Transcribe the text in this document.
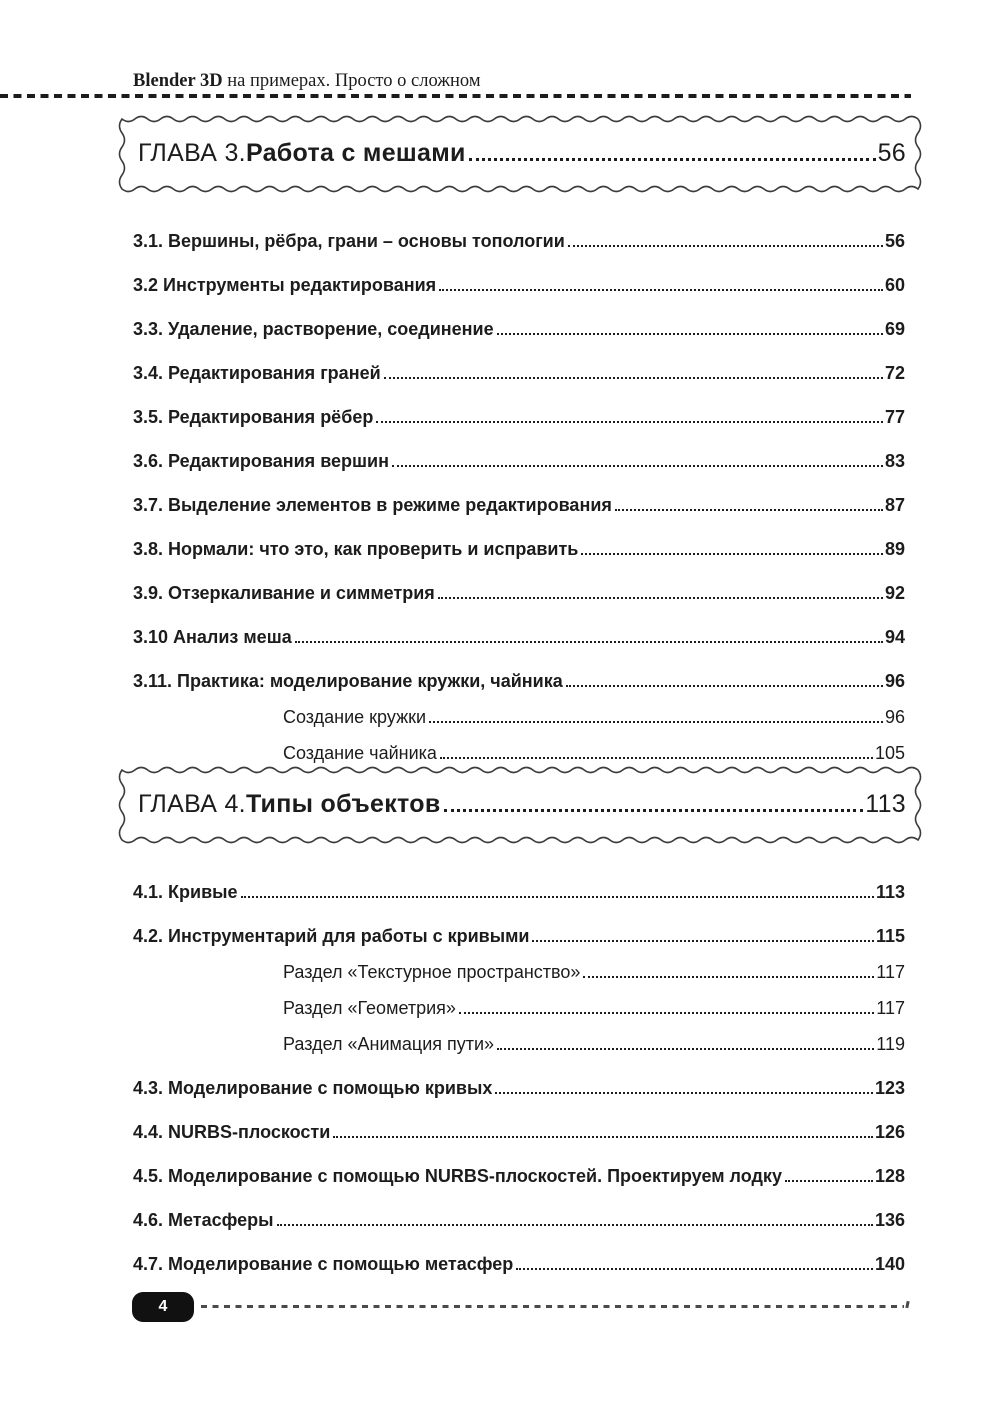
Blender 3D на примерах. Просто о сложном
ГЛАВА 3. Работа с мешами	56
3.1. Вершины, рёбра, грани – основы топологии	56
3.2 Инструменты редактирования	60
3.3. Удаление, растворение, соединение	69
3.4. Редактирования граней	72
3.5. Редактирования рёбер	77
3.6. Редактирования вершин	83
3.7. Выделение элементов в режиме редактирования	87
3.8. Нормали: что это, как проверить и исправить	89
3.9. Отзеркаливание и симметрия	92
3.10 Анализ меша	94
3.11. Практика: моделирование кружки, чайника	96
Создание кружки	96
Создание чайника	105
ГЛАВА 4. Типы объектов	113
4.1. Кривые	113
4.2. Инструментарий для работы с кривыми	115
Раздел «Текстурное пространство»	117
Раздел «Геометрия»	117
Раздел «Анимация пути»	119
4.3. Моделирование с помощью кривых	123
4.4. NURBS-плоскости	126
4.5. Моделирование с помощью NURBS-плоскостей. Проектируем лодку	128
4.6. Метасферы	136
4.7. Моделирование с помощью метасфер	140
4
